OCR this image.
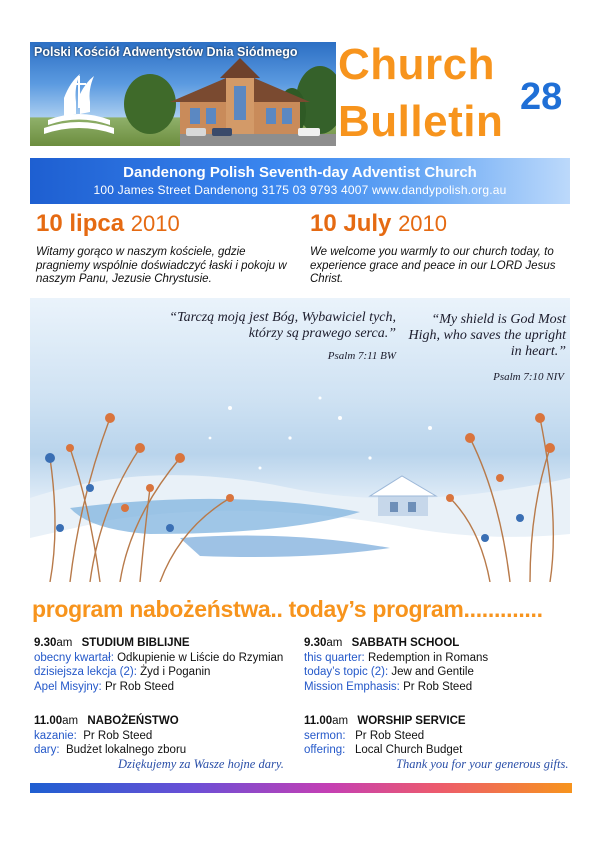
Polski Kościół Adwentystów Dnia Siódmego Church
Bulletin 28
Dandenong Polish Seventh-day Adventist Church
100 James Street Dandenong 3175 03 9793 4007 www.dandypolish.org.au
10 lipca 2010	10 July 2010
Witamy gorąco w naszym kościele, gdzie pragniemy wspólnie doświadczyć łaski i pokoju w naszym Panu, Jezusie Chrystusie.
We welcome you warmly to our church today, to experience grace and peace in our LORD Jesus Christ.
“Tarczą moją jest Bóg, Wybawiciel tych, którzy są prawego serca.”
Psalm 7:11 BW
“My shield is God Most High, who saves the upright in heart.”
Psalm 7:10 NIV
program nabożeństwa.. today’s program.............
9.30am STUDIUM BIBLIJNE
obecny kwartał: Odkupienie w Liście do Rzymian
dzisiejsza lekcja (2): Żyd i Poganin
Apel Misyjny: Pr Rob Steed
9.30am SABBATH SCHOOL
this quarter: Redemption in Romans
today’s topic (2): Jew and Gentile
Mission Emphasis: Pr Rob Steed
11.00am NABOŻEŃSTWO
kazanie: Pr Rob Steed
dary: Budżet lokalnego zboru
11.00am WORSHIP SERVICE
sermon: Pr Rob Steed
offering: Local Church Budget
Dziękujemy za Wasze hojne dary.	Thank you for your generous gifts.
